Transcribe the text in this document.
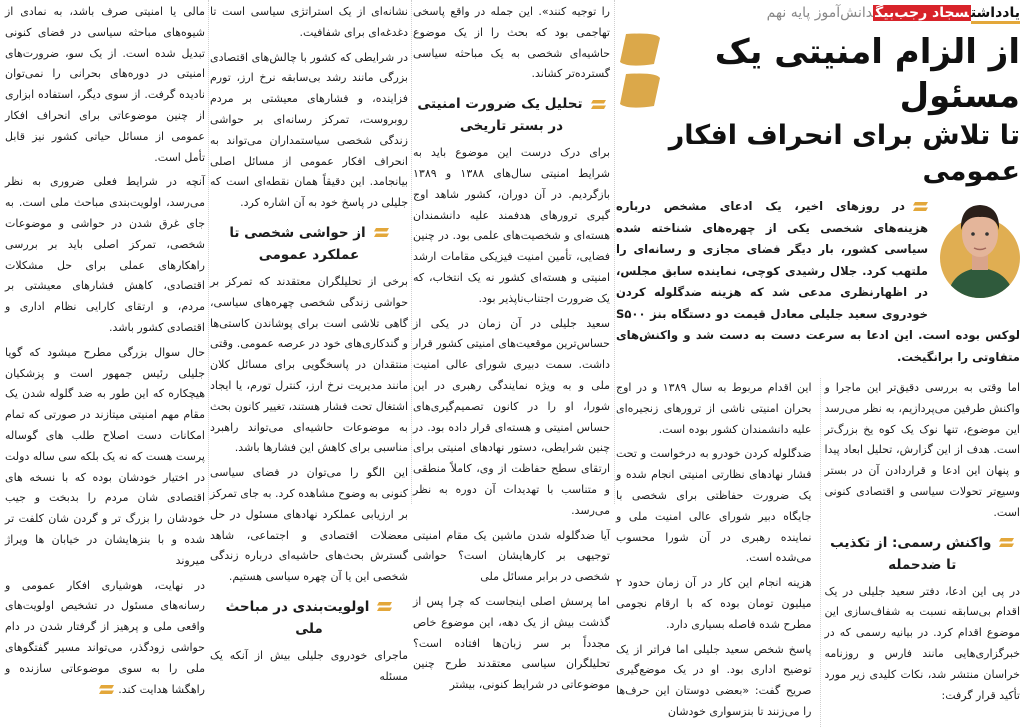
یادداشتسجاد رجب‌بیگدانش‌آموز پایه نهم
از الزام امنیتی یک مسئول
تا تلاش برای انحراف افکار عمومی
در روزهای اخیر، یک ادعای مشخص درباره هزینه‌های شخصی یکی از چهره‌های شناخته شده سیاسی کشور، بار دیگر فضای مجازی و رسانه‌ای را ملتهب کرد. جلال رشیدی کوچی، نماینده سابق مجلس، در اظهارنظری مدعی شد که هزینه ضدگلوله کردن خودروی سعید جلیلی معادل قیمت دو دستگاه بنز S۵۰۰ لوکس بوده است. این ادعا به سرعت دست به دست شد و واکنش‌های متفاوتی را برانگیخت.

اما وقتی به بررسی دقیق‌تر این ماجرا و واکنش طرفین می‌پردازیم، به نظر می‌رسد این موضوع، تنها نوک یک کوه یخ بزرگ‌تر است. هدف از این گزارش، تحلیل ابعاد پیدا و پنهان این ادعا و قراردادن آن در بستر وسیع‌تر تحولات سیاسی و اقتصادی کنونی است.

واکنش رسمی: از تکذیب تا ضدحمله

در پی این ادعا، دفتر سعید جلیلی در یک اقدام بی‌سابقه نسبت به شفاف‌سازی این موضوع اقدام کرد. در بیانیه رسمی که در خبرگزاری‌هایی مانند فارس و روزنامه خراسان منتشر شد، نکات کلیدی زیر مورد تأکید قرار گرفت:

این اقدام مربوط به سال ۱۳۸۹ و در اوج بحران امنیتی ناشی از ترورهای زنجیره‌ای علیه دانشمندان کشور بوده است.

ضدگلوله کردن خودرو به درخواست و تحت فشار نهادهای نظارتی امنیتی انجام شده و یک ضرورت حفاظتی برای شخصی با جایگاه دبیر شورای عالی امنیت ملی و نماینده رهبری در آن شورا محسوب می‌شده است.

هزینه انجام این کار در آن زمان حدود ۲ میلیون تومان بوده که با ارقام نجومی مطرح شده فاصله بسیاری دارد.

پاسخ شخص سعید جلیلی اما فراتر از یک توضیح اداری بود. او در یک موضع‌گیری صریح گفت: «بعضی دوستان این حرف‌ها را می‌زنند تا بنزسواری خودشان

را توجیه کنند». این جمله در واقع پاسخی تهاجمی بود که بحث را از یک موضوع حاشیه‌ای شخصی به یک مباحثه سیاسی گسترده‌تر کشاند.

تحلیل یک ضرورت امنیتی در بستر تاریخی

برای درک درست این موضوع باید به شرایط امنیتی سال‌های ۱۳۸۸ و ۱۳۸۹ بازگردیم. در آن دوران، کشور شاهد اوج گیری ترورهای هدفمند علیه دانشمندان هسته‌ای و شخصیت‌های علمی بود. در چنین فضایی، تأمین امنیت فیزیکی مقامات ارشد امنیتی و هسته‌ای کشور نه یک انتخاب، که یک ضرورت اجتناب‌ناپذیر بود.

سعید جلیلی در آن زمان در یکی از حساس‌ترین موقعیت‌های امنیتی کشور قرار داشت. سمت دبیری شورای عالی امنیت ملی و به ویژه نمایندگی رهبری در این شورا، او را در کانون تصمیم‌گیری‌های حساس امنیتی و هسته‌ای قرار داده بود. در چنین شرایطی، دستور نهادهای امنیتی برای ارتقای سطح حفاظت از وی، کاملاً منطقی و متناسب با تهدیدات آن دوره به نظر می‌رسد.

آیا ضدگلوله شدن ماشین یک مقام امنیتی توجیهی بر کارهایشان است؟ حواشی شخصی در برابر مسائل ملی

اما پرسش اصلی اینجاست که چرا پس از گذشت بیش از یک دهه، این موضوع خاص مجدداً بر سر زبان‌ها افتاده است؟ تحلیلگران سیاسی معتقدند طرح چنین موضوعاتی در شرایط کنونی، بیشتر

نشانه‌ای از یک استراتژی سیاسی است تا دغدغه‌ای برای شفافیت.

در شرایطی که کشور با چالش‌های اقتصادی بزرگی مانند رشد بی‌سابقه نرخ ارز، تورم فزاینده، و فشارهای معیشتی بر مردم روبروست، تمرکز رسانه‌ای بر حواشی زندگی شخصی سیاستمداران می‌تواند به انحراف افکار عمومی از مسائل اصلی بیانجامد. این دقیقاً همان نقطه‌ای است که جلیلی در پاسخ خود به آن اشاره کرد.

از حواشی شخصی تا عملکرد عمومی

برخی از تحلیلگران معتقدند که تمرکز بر حواشی زندگی شخصی چهره‌های سیاسی، گاهی تلاشی است برای پوشاندن کاستی‌ها و گندکاری‌های خود در عرصه عمومی. وقتی منتقدان در پاسخگویی برای مسائل کلان مانند مدیریت نرخ ارز، کنترل تورم، یا ایجاد اشتغال تحت فشار هستند، تغییر کانون بحث به موضوعات حاشیه‌ای می‌تواند راهبرد مناسبی برای کاهش این فشارها باشد.

این الگو را می‌توان در فضای سیاسی کنونی به وضوح مشاهده کرد. به جای تمرکز بر ارزیابی عملکرد نهادهای مسئول در حل معضلات اقتصادی و اجتماعی، شاهد گسترش بحث‌های حاشیه‌ای درباره زندگی شخصی این یا آن چهره سیاسی هستیم.

اولویت‌بندی در مباحث ملی

ماجرای خودروی جلیلی بیش از آنکه یک مسئله

مالی یا امنیتی صرف باشد، به نمادی از شیوه‌های مباحثه سیاسی در فضای کنونی تبدیل شده است. از یک سو، ضرورت‌های امنیتی در دوره‌های بحرانی را نمی‌توان نادیده گرفت. از سوی دیگر، استفاده ابزاری از چنین موضوعاتی برای انحراف افکار عمومی از مسائل حیاتی کشور نیز قابل تأمل است.

آنچه در شرایط فعلی ضروری به نظر می‌رسد، اولویت‌بندی مباحث ملی است. به جای غرق شدن در حواشی و موضوعات شخصی، تمرکز اصلی باید بر بررسی راهکارهای عملی برای حل مشکلات اقتصادی، کاهش فشارهای معیشتی بر مردم، و ارتقای کارایی نظام اداری و اقتصادی کشور باشد.

حال سوال بزرگی مطرح میشود که گویا جلیلی رئیس جمهور است و پزشکیان هیچکاره که این طور به ضد گلوله شدن یک مقام مهم امنیتی میتازند در صورتی که تمام امکانات دست اصلاح طلب های گوساله پرست هست که نه یک بلکه سی ساله دولت در اختیار خودشان بوده که با نسخه های اقتصادی شان مردم را بدبخت و جیب خودشان را بزرگ تر و گردن شان کلفت تر شده و با بنزهایشان در خیابان ها ویراژ میروند

در نهایت، هوشیاری افکار عمومی و رسانه‌های مسئول در تشخیص اولویت‌های واقعی ملی و پرهیز از گرفتار شدن در دام حواشی زودگذر، می‌تواند مسیر گفتگوهای ملی را به سوی موضوعاتی سازنده و راهگشا هدایت کند.
